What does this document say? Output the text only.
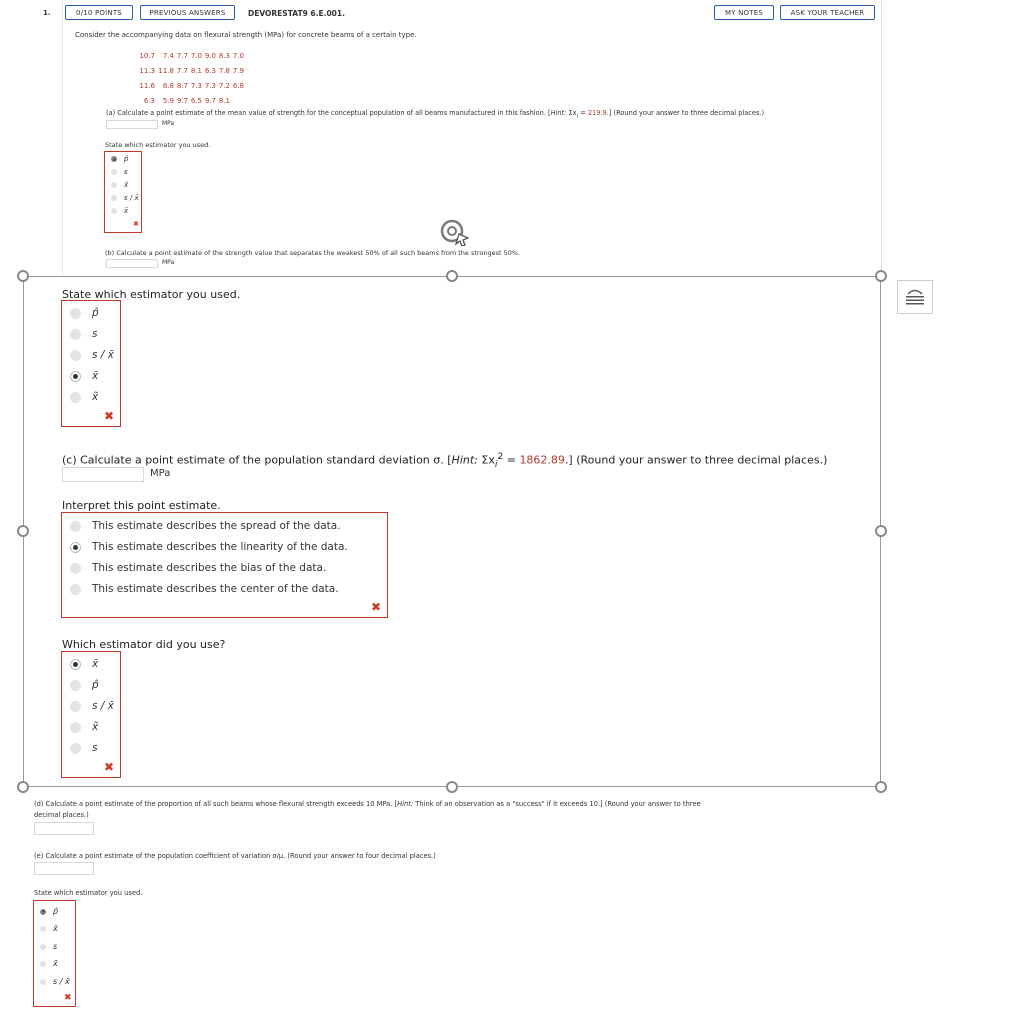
1.	0/10 POINTS	PREVIOUS ANSWERS	DEVORESTAT9 6.E.001.	MY NOTES	ASK YOUR TEACHER
Consider the accompanying data on flexural strength (MPa) for concrete beams of a certain type.
10.7 7.4 7.7 7.0 9.0 8.3 7.0
11.3 11.8 7.7 8.1 6.3 7.8 7.9
11.6 6.8 8.7 7.3 7.3 7.2 6.8
6.3 5.9 9.7 6.5 9.7 8.1
(a) Calculate a point estimate of the mean value of strength for the conceptual population of all beams manufactured in this fashion. [Hint: $\Sigma x_i = 219.9$.] (Round your answer to three decimal places.)
MPa
State which estimator you used.
p̂
s
x̃
s / x̄
x̄
✖
(b) Calculate a point estimate of the strength value that separates the weakest 50% of all such beams from the strongest 50%.
MPa
State which estimator you used.
p̂
s
s / x̄
x̄
x̃
✖
(c) Calculate a point estimate of the population standard deviation σ. [Hint: $\Sigma x_i^2 = 1862.89$.] (Round your answer to three decimal places.)
MPa
Interpret this point estimate.
This estimate describes the spread of the data.
This estimate describes the linearity of the data.
This estimate describes the bias of the data.
This estimate describes the center of the data.
✖
Which estimator did you use?
x̄
p̂
s / x̄
x̃
s
✖
(d) Calculate a point estimate of the proportion of all such beams whose flexural strength exceeds 10 MPa. [Hint: Think of an observation as a "success" if it exceeds 10.] (Round your answer to three
decimal places.)
(e) Calculate a point estimate of the population coefficient of variation σ/μ. (Round your answer to four decimal places.)
State which estimator you used.
p̂
x̄
s
x̃
s / x̄
✖
